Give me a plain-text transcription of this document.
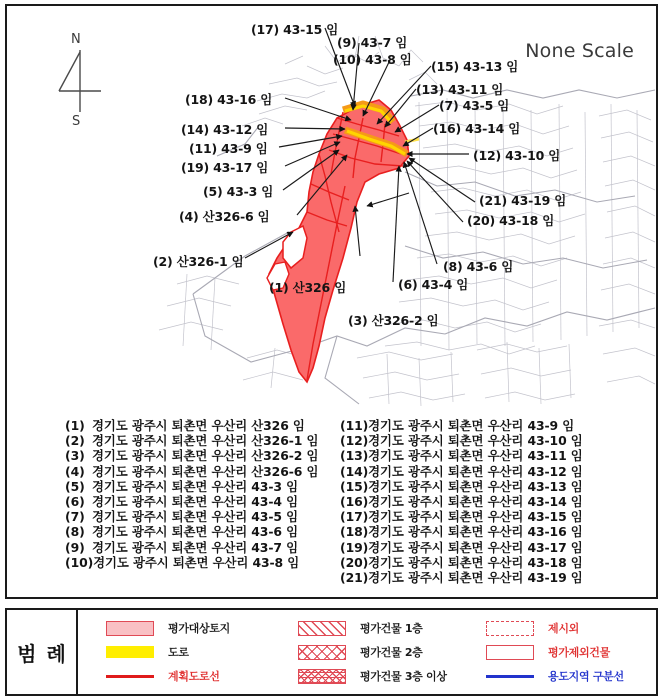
N
S
None Scale
(17) 43-15 임
(9) 43-7 임
(10) 43-8 임 (15) 43-13 임
(13) 43-11 임
(7) 43-5 임
(16) 43-14 임
(12) 43-10 임
(18) 43-16 임
(14) 43-12 임
(11) 43-9 임
(19) 43-17 임
(5) 43-3 임
(4) 산326-6 임
(2) 산326-1 임
(1) 산326 임
(3) 산326-2 임
(21) 43-19 임
(20) 43-18 임
(8) 43-6 임
(6) 43-4 임
(1) 경기도 광주시 퇴촌면 우산리 산326 임
(2) 경기도 광주시 퇴촌면 우산리 산326-1 임
(3) 경기도 광주시 퇴촌면 우산리 산326-2 임
(4) 경기도 광주시 퇴촌면 우산리 산326-6 임
(5) 경기도 광주시 퇴촌면 우산리 43-3 임
(6) 경기도 광주시 퇴촌면 우산리 43-4 임
(7) 경기도 광주시 퇴촌면 우산리 43-5 임
(8) 경기도 광주시 퇴촌면 우산리 43-6 임
(9) 경기도 광주시 퇴촌면 우산리 43-7 임
(10)경기도 광주시 퇴촌면 우산리 43-8 임
(11)경기도 광주시 퇴촌면 우산리 43-9 임
(12)경기도 광주시 퇴촌면 우산리 43-10 임
(13)경기도 광주시 퇴촌면 우산리 43-11 임
(14)경기도 광주시 퇴촌면 우산리 43-12 임
(15)경기도 광주시 퇴촌면 우산리 43-13 임
(16)경기도 광주시 퇴촌면 우산리 43-14 임
(17)경기도 광주시 퇴촌면 우산리 43-15 임
(18)경기도 광주시 퇴촌면 우산리 43-16 임
(19)경기도 광주시 퇴촌면 우산리 43-17 임
(20)경기도 광주시 퇴촌면 우산리 43-18 임
(21)경기도 광주시 퇴촌면 우산리 43-19 임
범례
평가대상토지
도로
계획도로선
평가건물 1층
평가건물 2층
평가건물 3층 이상
제시외
평가제외건물
용도지역 구분선
